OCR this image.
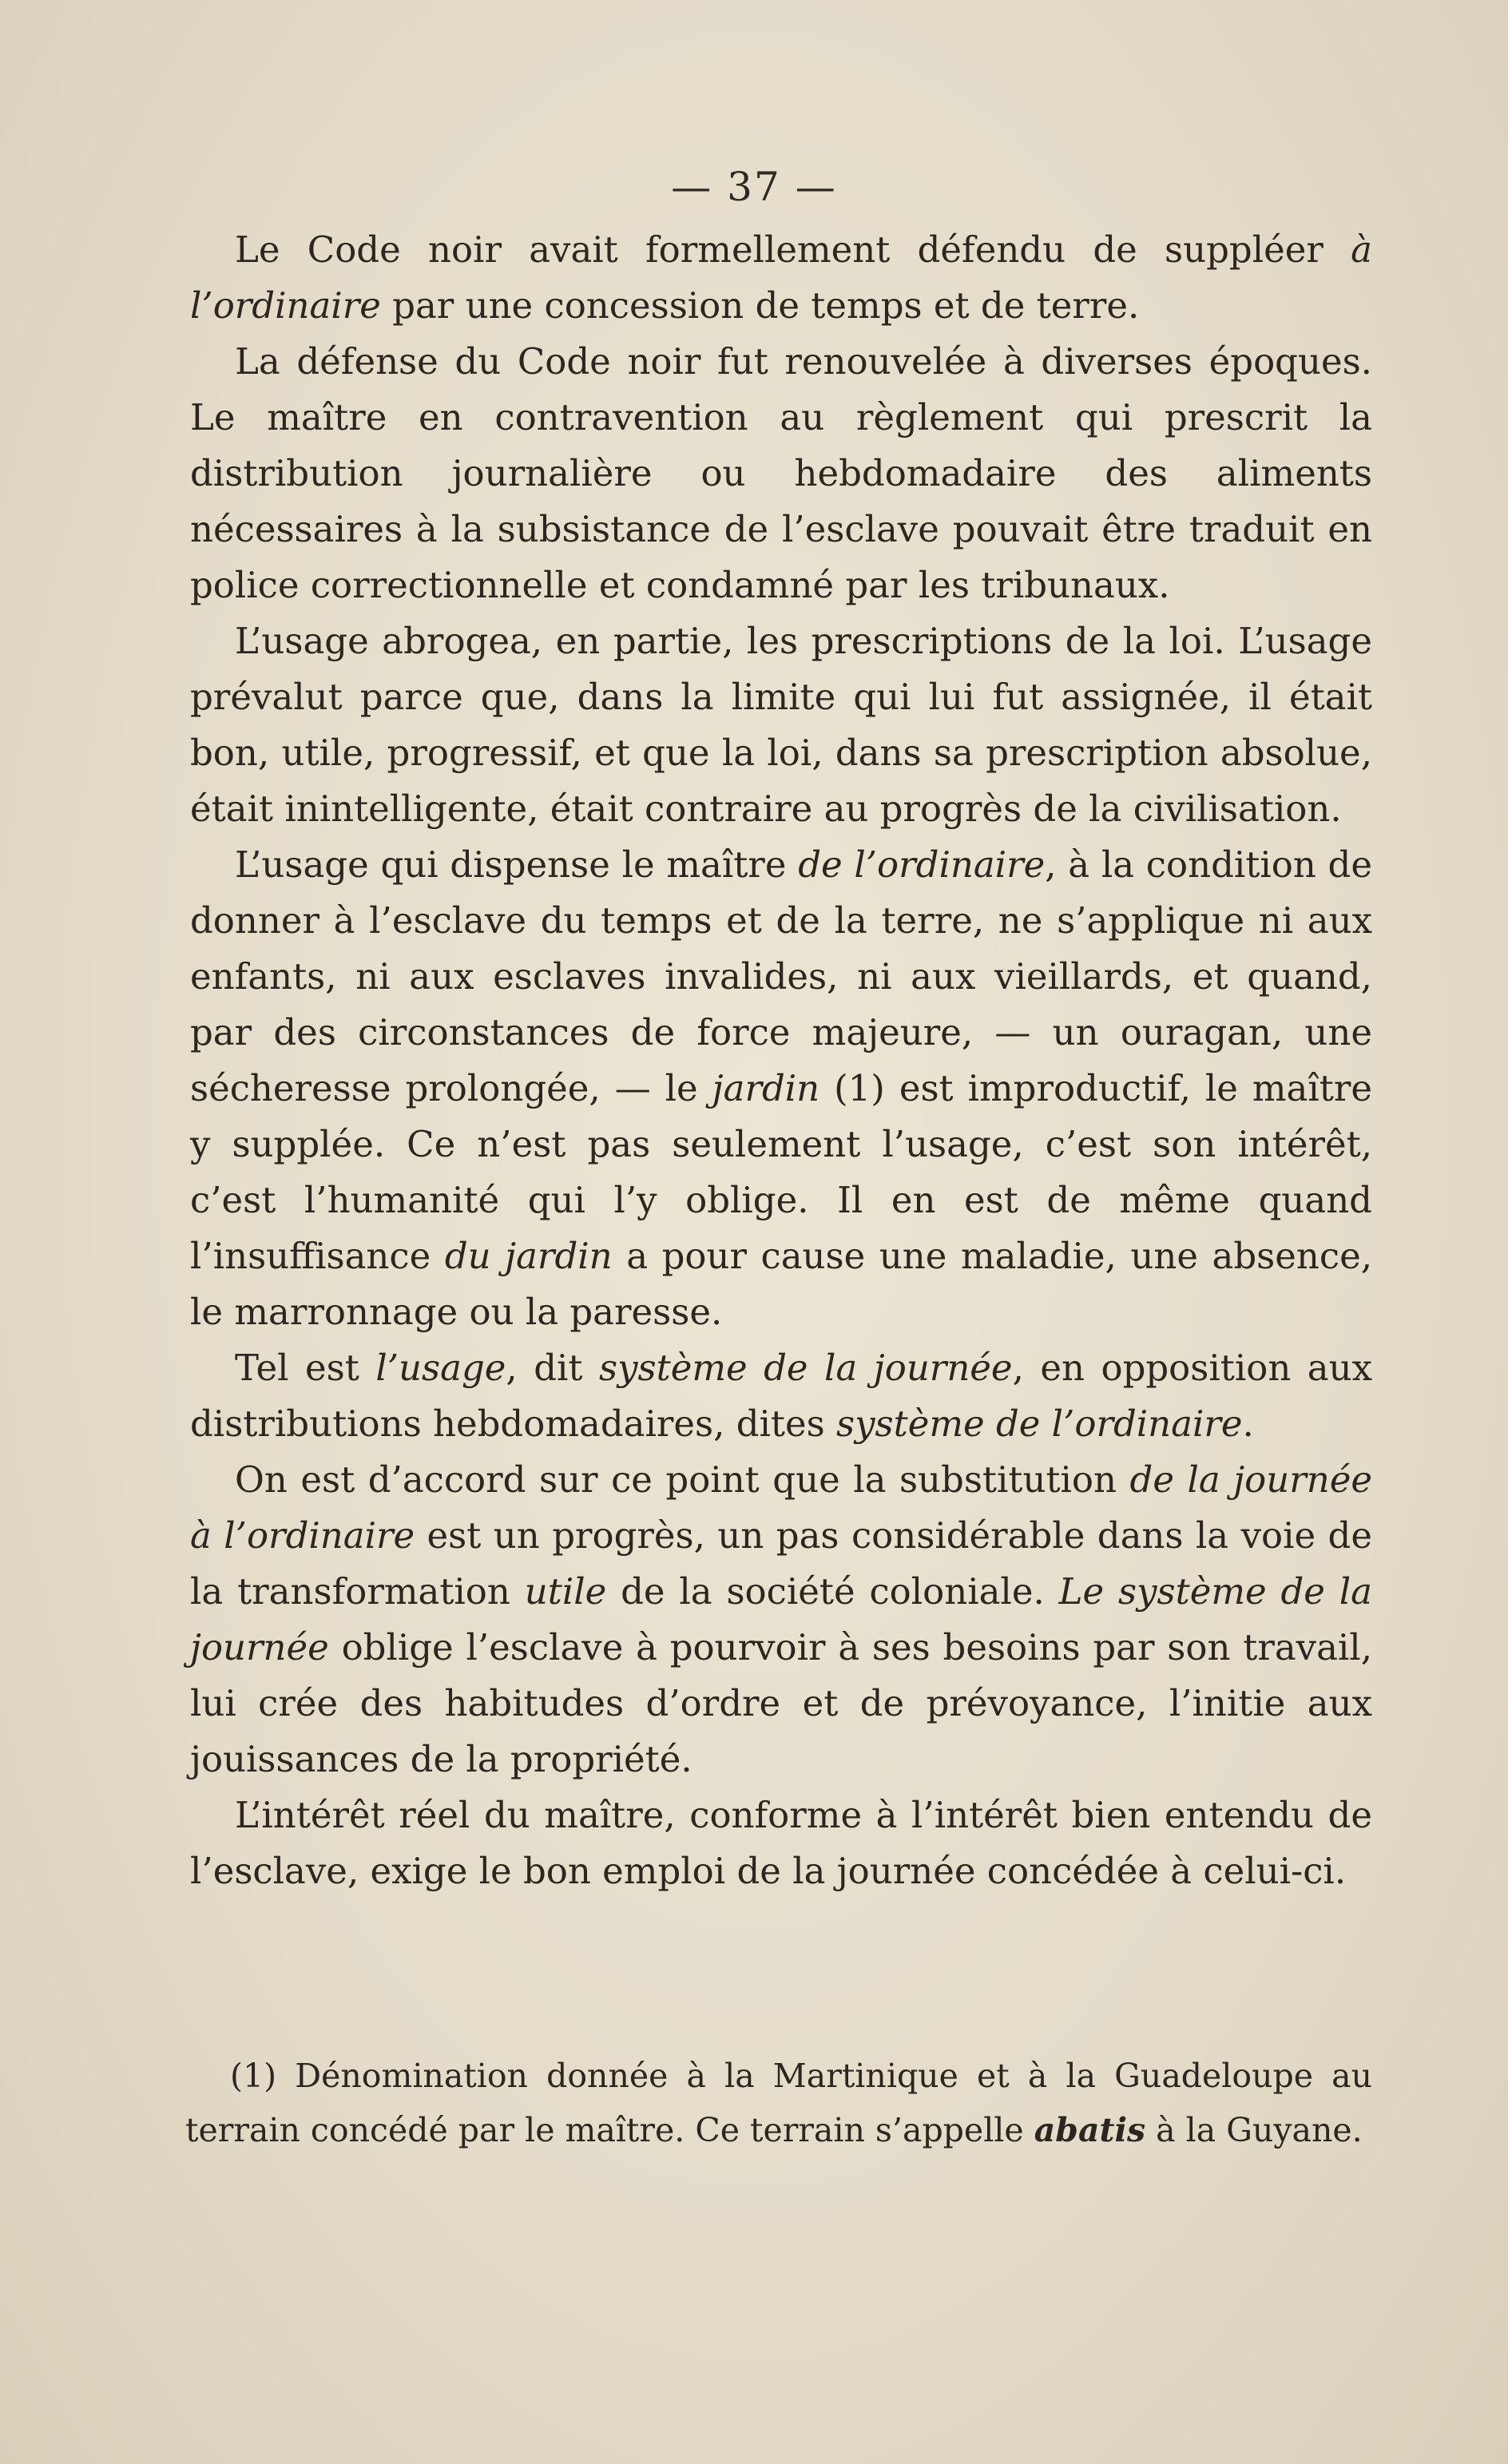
— 37 —

Le Code noir avait formellement défendu de suppléer à l’ordinaire par une concession de temps et de terre.

La défense du Code noir fut renouvelée à diverses époques. Le maître en contravention au règlement qui prescrit la distribution journalière ou hebdomadaire des aliments nécessaires à la subsistance de l’esclave pouvait être traduit en police correctionnelle et condamné par les tribunaux.

L’usage abrogea, en partie, les prescriptions de la loi. L’usage prévalut parce que, dans la limite qui lui fut assignée, il était bon, utile, progressif, et que la loi, dans sa prescription absolue, était inintelligente, était contraire au progrès de la civilisation.

L’usage qui dispense le maître de l’ordinaire, à la condition de donner à l’esclave du temps et de la terre, ne s’applique ni aux enfants, ni aux esclaves invalides, ni aux vieillards, et quand, par des circonstances de force majeure, — un ouragan, une sécheresse prolongée, — le jardin (1) est improductif, le maître y supplée. Ce n’est pas seulement l’usage, c’est son intérêt, c’est l’humanité qui l’y oblige. Il en est de même quand l’insuffisance du jardin a pour cause une maladie, une absence, le marronnage ou la paresse.

Tel est l’usage, dit système de la journée, en opposition aux distributions hebdomadaires, dites système de l’ordinaire.

On est d’accord sur ce point que la substitution de la journée à l’ordinaire est un progrès, un pas considérable dans la voie de la transformation utile de la société coloniale. Le système de la journée oblige l’esclave à pourvoir à ses besoins par son travail, lui crée des habitudes d’ordre et de prévoyance, l’initie aux jouissances de la propriété.

L’intérêt réel du maître, conforme à l’intérêt bien entendu de l’esclave, exige le bon emploi de la journée concédée à celui-ci.

(1) Dénomination donnée à la Martinique et à la Guadeloupe au terrain concédé par le maître. Ce terrain s’appelle abatis à la Guyane.
